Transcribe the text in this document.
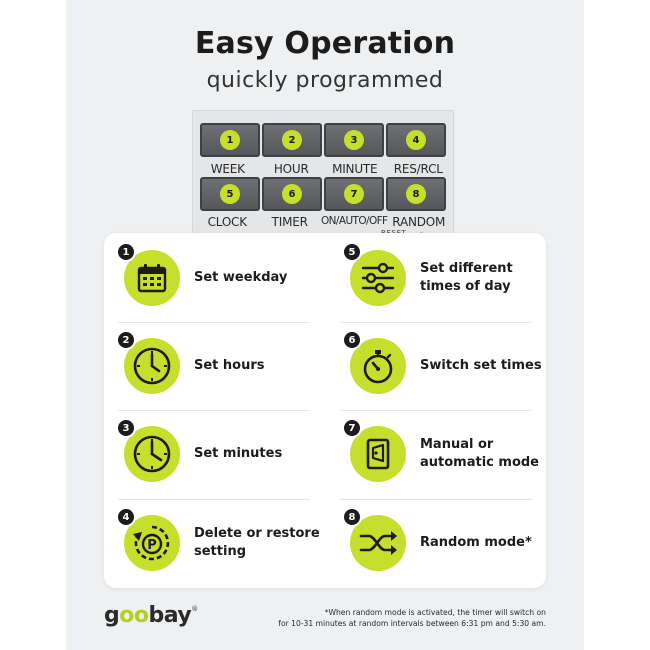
Easy Operation
quickly programmed
1	2	3	4
WEEK	HOUR	MINUTE	RES/RCL
5	6	7	8
CLOCK	TIMER	ON/AUTO/OFF RANDOM
1
Set weekday
2
Set hours
3
Set minutes
P
4
Delete or restore
setting
5
Set different
times of day
6
Switch set times
7
Manual or
automatic mode
8
Random mode*
goobay®	*When random mode is activated, the timer will switch on
for 10-31 minutes at random intervals between 6:31 pm and 5:30 am.
